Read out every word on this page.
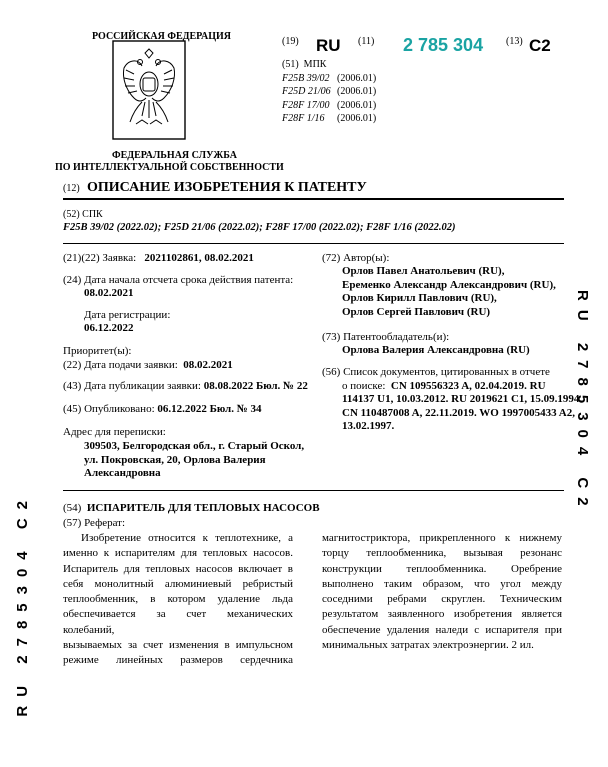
РОССИЙСКАЯ ФЕДЕРАЦИЯ
ФЕДЕРАЛЬНАЯ СЛУЖБА
ПО ИНТЕЛЛЕКТУАЛЬНОЙ СОБСТВЕННОСТИ
(19) RU (11) 2 785 304 (13) C2
(51) МПК
F25B 39/02 (2006.01)
F25D 21/06 (2006.01)
F28F 17/00 (2006.01)
F28F 1/16 (2006.01)
(12) ОПИСАНИЕ ИЗОБРЕТЕНИЯ К ПАТЕНТУ
(52) СПК
F25B 39/02 (2022.02); F25D 21/06 (2022.02); F28F 17/00 (2022.02); F28F 1/16 (2022.02)
(21)(22) Заявка: 2021102861, 08.02.2021
(24) Дата начала отсчета срока действия патента:
08.02.2021
Дата регистрации:
06.12.2022
Приоритет(ы):
(22) Дата подачи заявки: 08.02.2021
(43) Дата публикации заявки: 08.08.2022 Бюл. № 22
(45) Опубликовано: 06.12.2022 Бюл. № 34
Адрес для переписки:
309503, Белгородская обл., г. Старый Оскол,
ул. Покровская, 20, Орлова Валерия
Александровна
(72) Автор(ы):
Орлов Павел Анатольевич (RU),
Еременко Александр Александрович (RU),
Орлов Кирилл Павлович (RU),
Орлов Сергей Павлович (RU)
(73) Патентообладатель(и):
Орлова Валерия Александровна (RU)
(56) Список документов, цитированных в отчете
о поиске: CN 109556323 A, 02.04.2019. RU
114137 U1, 10.03.2012. RU 2019621 C1, 15.09.1994.
CN 110487008 A, 22.11.2019. WO 1997005433 A2,
13.02.1997.
(54) ИСПАРИТЕЛЬ ДЛЯ ТЕПЛОВЫХ НАСОСОВ
(57) Реферат:
Изобретение относится к теплотехнике, а
именно к испарителям для тепловых насосов.
Испаритель для тепловых насосов включает в
себя монолитный алюминиевый ребристый
теплообменник, в котором удаление льда
обеспечивается за счет механических колебаний,
вызываемых за счет изменения в импульсном
режиме линейных размеров сердечника
магнитостриктора, прикрепленного к нижнему
торцу теплообменника, вызывая резонанс
конструкции теплообменника. Оребрение
выполнено таким образом, что угол между
соседними ребрами скруглен. Техническим
результатом заявленного изобретения является
обеспечение удаления наледи с испарителя при
минимальных затратах электроэнергии. 2 ил.
RU 2785304 C2
RU 2785304 C2
